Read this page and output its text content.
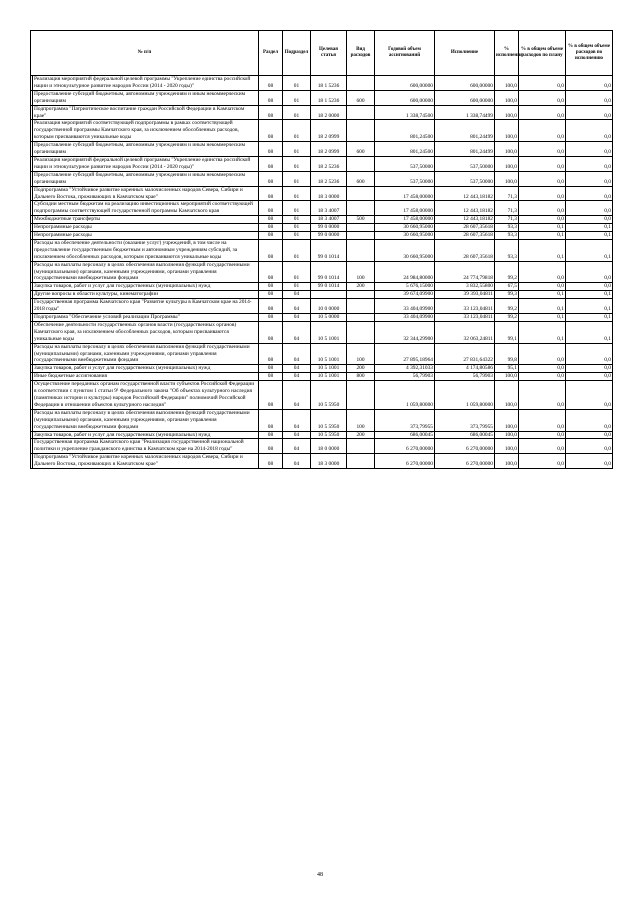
№ п/п		Раздел	Подраздел	Целевая статья	Вид расходов	Годовой объем ассигнований	Исполнение	% исполнения	% в общем объеме расходов по плану	% в общем объеме расходов по исполнению
	Реализация мероприятий федеральной целевой программы "Укрепление единства российской нации и этнокультурное развитие народов России (2014 - 2020 годы)"	08	01	18 1 5236		600,00000	600,00000	100,0	0,0	0,0
	Предоставление субсидий бюджетным, автономным учреждениям и иным некоммерческим организациям	08	01	18 1 5236	600	600,00000	600,00000	100,0	0,0	0,0
	Подпрограмма "Патриотическое воспитание граждан Российской Федерации в Камчатском крае"	08	01	18 2 0000		1 338,74500	1 338,74499	100,0	0,0	0,0
	Реализация мероприятий соответствующей подпрограммы в рамках соответствующей государственной программы Камчатского края, за исключением обособленных расходов, которым присваиваются уникальные коды	08	01	18 2 0999		801,24500	801,24499	100,0	0,0	0,0
	Предоставление субсидий бюджетным, автономным учреждениям и иным некоммерческим организациям	08	01	18 2 0999	600	801,24500	801,24499	100,0	0,0	0,0
	Реализация мероприятий федеральной целевой программы "Укрепление единства российской нации и этнокультурное развитие народов России (2014 - 2020 годы)"	08	01	18 2 5236		537,50000	537,50000	100,0	0,0	0,0
	Предоставление субсидий бюджетным, автономным учреждениям и иным некоммерческим организациям	08	01	18 2 5236	600	537,50000	537,50000	100,0	0,0	0,0
	Подпрограмма "Устойчивое развитие коренных малочисленных народов Севера, Сибири и Дальнего Востока, проживающих в Камчатском крае"	08	01	18 3 0000		17 458,00000	12 443,18182	71,3	0,0	0,0
	Субсидии местным бюджетам на реализацию инвестиционных мероприятий соответствующей подпрограммы соответствующей государственной программы Камчатского края	08	01	18 3 4007		17 458,00000	12 443,18182	71,3	0,0	0,0
	Межбюджетные трансферты	08	01	18 3 4007	500	17 458,00000	12 443,18182	71,3	0,0	0,0
	Непрограммные расходы	08	01	99 0 0000		30 660,95000	28 607,35618	93,3	0,1	0,1
	Непрограммные расходы	08	01	99 0 0000		30 660,95000	28 607,35618	93,3	0,1	0,1
	Расходы на обеспечение деятельности (оказание услуг) учреждений, в том числе на предоставление государственным бюджетным и автономным учреждениям субсидий, за исключением обособленных расходов, которым присваиваются уникальные коды	08	01	99 0 1014		30 660,95000	28 607,35618	93,3	0,1	0,1
	Расходы на выплаты персоналу в целях обеспечения выполнения функций государственными (муниципальными) органами, казенными учреждениями, органами управления государственными внебюджетными фондами	08	01	99 0 1014	100	24 984,80000	24 774,79818	99,2	0,0	0,0
	Закупка товаров, работ и услуг для государственных (муниципальных) нужд	08	01	99 0 1014	200	5 676,15000	3 832,55800	67,5	0,0	0,0
	Другие вопросы в области культуры, кинематографии	08	04			39 674,09900	39 393,04811	99,3	0,1	0,1
	Государственная программа Камчатского края "Развитие культуры в Камчатском крае на 2014-2018 годы"	08	04	10 0 0000		33 404,09900	33 123,04811	99,2	0,1	0,1
	Подпрограмма "Обеспечение условий реализации Программы"	08	04	10 5 0000		33 404,09900	33 123,04811	99,2	0,1	0,1
	Обеспечение деятельности государственных органов власти (государственных органов) Камчатского края, за исключением обособленных расходов, которым присваиваются уникальные коды	08	04	10 5 1001		32 344,29900	32 063,24811	99,1	0,1	0,1
	Расходы на выплаты персоналу в целях обеспечения выполнения функций государственными (муниципальными) органами, казенными учреждениями, органами управления государственными внебюджетными фондами	08	04	10 5 1001	100	27 895,18964	27 831,64322	99,8	0,0	0,0
	Закупка товаров, работ и услуг для государственных (муниципальных) нужд	08	04	10 5 1001	200	4 392,31033	4 174,80586	95,1	0,0	0,0
	Иные бюджетные ассигнования	08	04	10 5 1001	800	56,79903	56,79903	100,0	0,0	0,0
	Осуществление переданных органам государственной власти субъектов Российской Федерации в соответствии с пунктом 1 статьи 9¹ Федерального закона "Об объектах культурного наследия (памятниках истории и культуры) народов Российской Федерации" полномочий Российской Федерации в отношении объектов культурного наследия"	08	04	10 5 5950		1 059,80000	1 059,80000	100,0	0,0	0,0
	Расходы на выплаты персоналу в целях обеспечения выполнения функций государственными (муниципальными) органами, казенными учреждениями, органами управления государственными внебюджетными фондами	08	04	10 5 5950	100	373,79955	373,79955	100,0	0,0	0,0
	Закупка товаров, работ и услуг для государственных (муниципальных) нужд	08	04	10 5 5950	200	686,00045	686,00045	100,0	0,0	0,0
	Государственная программа Камчатского края "Реализация государственной национальной политики и укрепление гражданского единства в Камчатском крае на 2014-2018 годы"	08	04	18 0 0000		6 270,00000	6 270,00000	100,0	0,0	0,0
	Подпрограмма "Устойчивое развитие коренных малочисленных народов Севера, Сибири и Дальнего Востока, проживающих в Камчатском крае"	08	04	18 3 0000		6 270,00000	6 270,00000	100,0	0,0	0,0
48
